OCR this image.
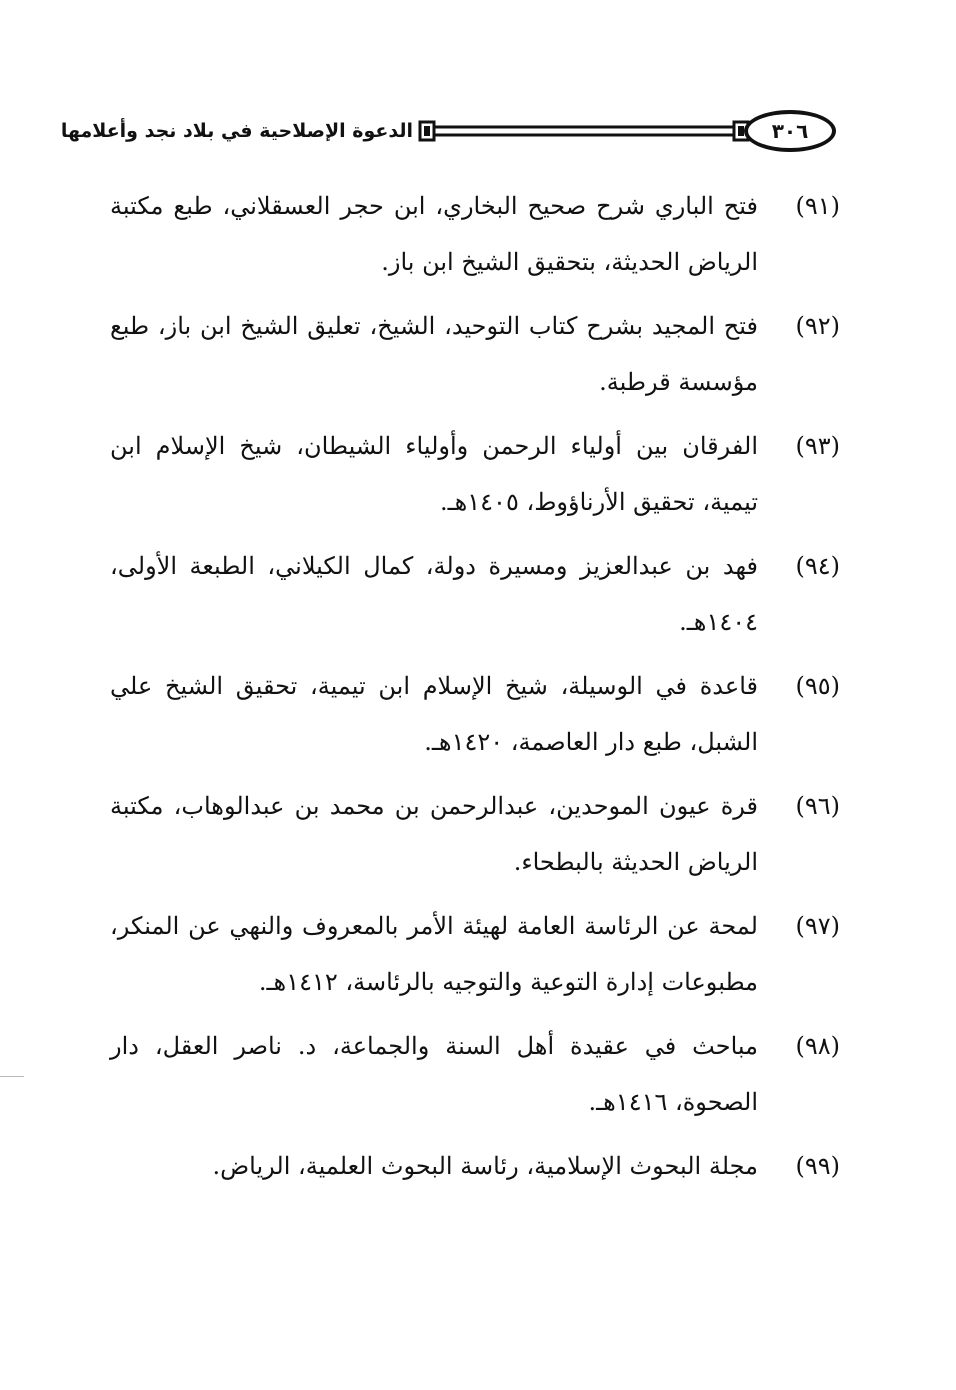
الدعوة الإصلاحية في بلاد نجد وأعلامها	٣٠٦
(٩١)
فتح الباري شرح صحيح البخاري، ابن حجر العسقلاني، طبع مكتبة الرياض الحديثة، بتحقيق الشيخ ابن باز.
(٩٢)
فتح المجيد بشرح كتاب التوحيد، الشيخ، تعليق الشيخ ابن باز، طبع مؤسسة قرطبة.
(٩٣)
الفرقان بين أولياء الرحمن وأولياء الشيطان، شيخ الإسلام ابن تيمية، تحقيق الأرناؤوط، ١٤٠٥هـ.
(٩٤)
فهد بن عبدالعزيز ومسيرة دولة، كمال الكيلاني، الطبعة الأولى، ١٤٠٤هـ.
(٩٥)
قاعدة في الوسيلة، شيخ الإسلام ابن تيمية، تحقيق الشيخ علي الشبل، طبع دار العاصمة، ١٤٢٠هـ.
(٩٦)
قرة عيون الموحدين، عبدالرحمن بن محمد بن عبدالوهاب، مكتبة الرياض الحديثة بالبطحاء.
(٩٧)
لمحة عن الرئاسة العامة لهيئة الأمر بالمعروف والنهي عن المنكر، مطبوعات إدارة التوعية والتوجيه بالرئاسة، ١٤١٢هـ.
(٩٨)
مباحث في عقيدة أهل السنة والجماعة، د. ناصر العقل، دار الصحوة، ١٤١٦هـ.
(٩٩)
مجلة البحوث الإسلامية، رئاسة البحوث العلمية، الرياض.
